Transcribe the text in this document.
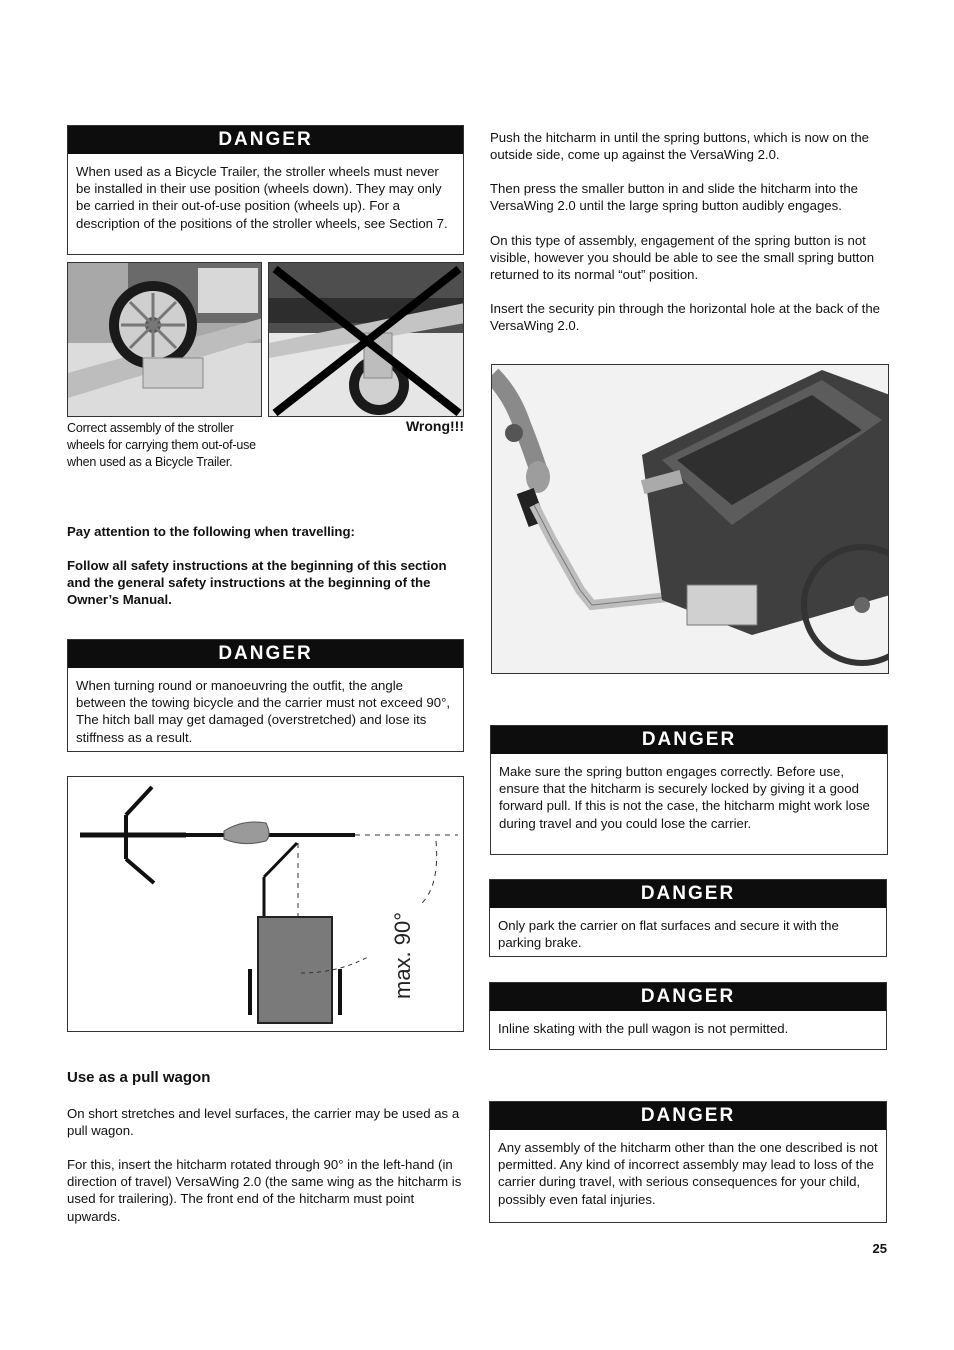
DANGER
When used as a Bicycle Trailer, the stroller wheels must never be installed in their use position (wheels down). They may only be carried in their out-of-use position (wheels up). For a description of the positions of the stroller wheels, see Section 7.
Correct assembly of the stroller wheels for carrying them out-of-use when used as a Bicycle Trailer.
Wrong!!!
Pay attention to the following when travelling:
Follow all safety instructions at the beginning of this section and the general safety instructions at the beginning of the Owner’s Manual.
DANGER
When turning round or manoeuvring the outfit, the angle between the towing bicycle and the carrier must not exceed 90°, The hitch ball may get damaged (overstretched) and lose its stiffness as a result.
max. 90°
Use as a pull wagon
On short stretches and level surfaces, the carrier may be used as a pull wagon.
For this, insert the hitcharm rotated through 90° in the left-hand (in direction of travel) VersaWing 2.0 (the same wing as the hitcharm is used for trailering). The front end of the hitcharm must point upwards.
Push the hitcharm in until the spring buttons, which is now on the outside side, come up against the VersaWing 2.0.
Then press the smaller button in and slide the hitcharm into the VersaWing 2.0 until the large spring button audibly engages.
On this type of assembly, engagement of the spring button is not visible, however you should be able to see the small spring button returned to its normal “out” position.
Insert the security pin through the horizontal hole at the back of the VersaWing 2.0.
DANGER
Make sure the spring button engages correctly. Before use, ensure that the hitcharm is securely locked by giving it a good forward pull. If this is not the case, the hitcharm might work lose during travel and you could lose the carrier.
DANGER
Only park the carrier on flat surfaces and secure it with the parking brake.
DANGER
Inline skating with the pull wagon is not permitted.
DANGER
Any assembly of the hitcharm other than the one described is not permitted. Any kind of incorrect assembly may lead to loss of the carrier during travel, with serious consequences for your child, possibly even fatal injuries.
25
